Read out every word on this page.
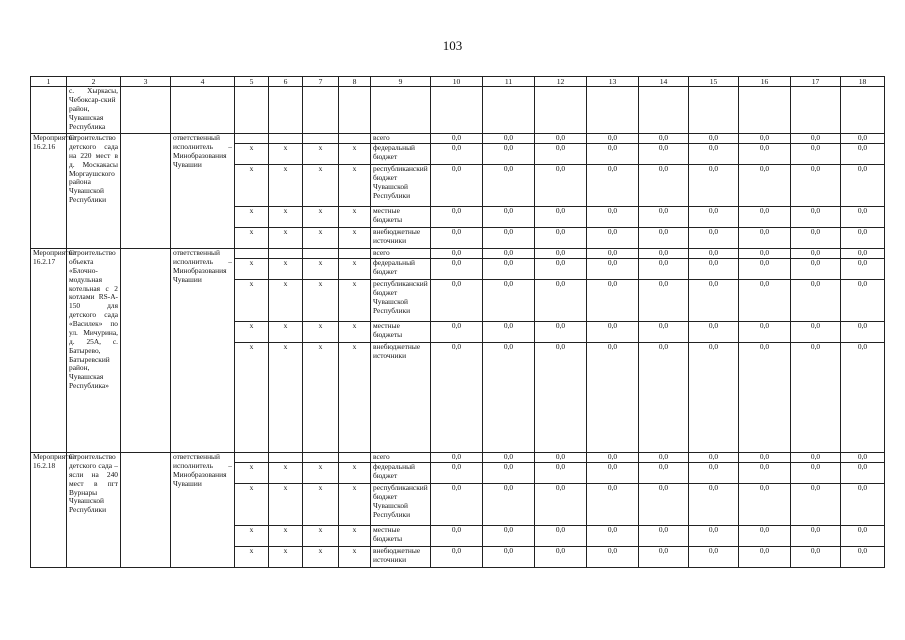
103
1	2	3	4	5	6	7	8	9	10	11	12	13	14	15	16	17	18
	с. Хыркасы, Чебоксар-ский район, Чувашская Республика																
Мероприятие 16.2.16	Строительство детского сада на 220 мест в д. Москакасы Моргаушского района Чувашской Республики		ответственный исполнитель – Минобразования Чувашии					всего	0,0	0,0	0,0	0,0	0,0	0,0	0,0	0,0	0,0
				x	x	x	x	федеральный бюджет	0,0	0,0	0,0	0,0	0,0	0,0	0,0	0,0	0,0
				x	x	x	x	республиканский бюджет Чувашской Республики	0,0	0,0	0,0	0,0	0,0	0,0	0,0	0,0	0,0
				x	x	x	x	местные бюджеты	0,0	0,0	0,0	0,0	0,0	0,0	0,0	0,0	0,0
				x	x	x	x	внебюджетные источники	0,0	0,0	0,0	0,0	0,0	0,0	0,0	0,0	0,0
Мероприятие 16.2.17	Строительство объекта «Блочно-модульная котельная с 2 котлами RS-A-150 для детского сада «Василек» по ул. Мичурина, д. 25А, с. Батырево, Батыревский район, Чувашская Республика»		ответственный исполнитель – Минобразования Чувашии					всего	0,0	0,0	0,0	0,0	0,0	0,0	0,0	0,0	0,0
				x	x	x	x	федеральный бюджет	0,0	0,0	0,0	0,0	0,0	0,0	0,0	0,0	0,0
				x	x	x	x	республиканский бюджет Чувашской Республики	0,0	0,0	0,0	0,0	0,0	0,0	0,0	0,0	0,0
				x	x	x	x	местные бюджеты	0,0	0,0	0,0	0,0	0,0	0,0	0,0	0,0	0,0
				x	x	x	x	внебюджетные источники	0,0	0,0	0,0	0,0	0,0	0,0	0,0	0,0	0,0
Мероприятие 16.2.18	Строительство детского сада – ясли на 240 мест в пгт Вурнары Чувашской Республики		ответственный исполнитель – Минобразования Чувашии					всего	0,0	0,0	0,0	0,0	0,0	0,0	0,0	0,0	0,0
				x	x	x	x	федеральный бюджет	0,0	0,0	0,0	0,0	0,0	0,0	0,0	0,0	0,0
				x	x	x	x	республиканский бюджет Чувашской Республики	0,0	0,0	0,0	0,0	0,0	0,0	0,0	0,0	0,0
				x	x	x	x	местные бюджеты	0,0	0,0	0,0	0,0	0,0	0,0	0,0	0,0	0,0
				x	x	x	x	внебюджетные источники	0,0	0,0	0,0	0,0	0,0	0,0	0,0	0,0	0,0
